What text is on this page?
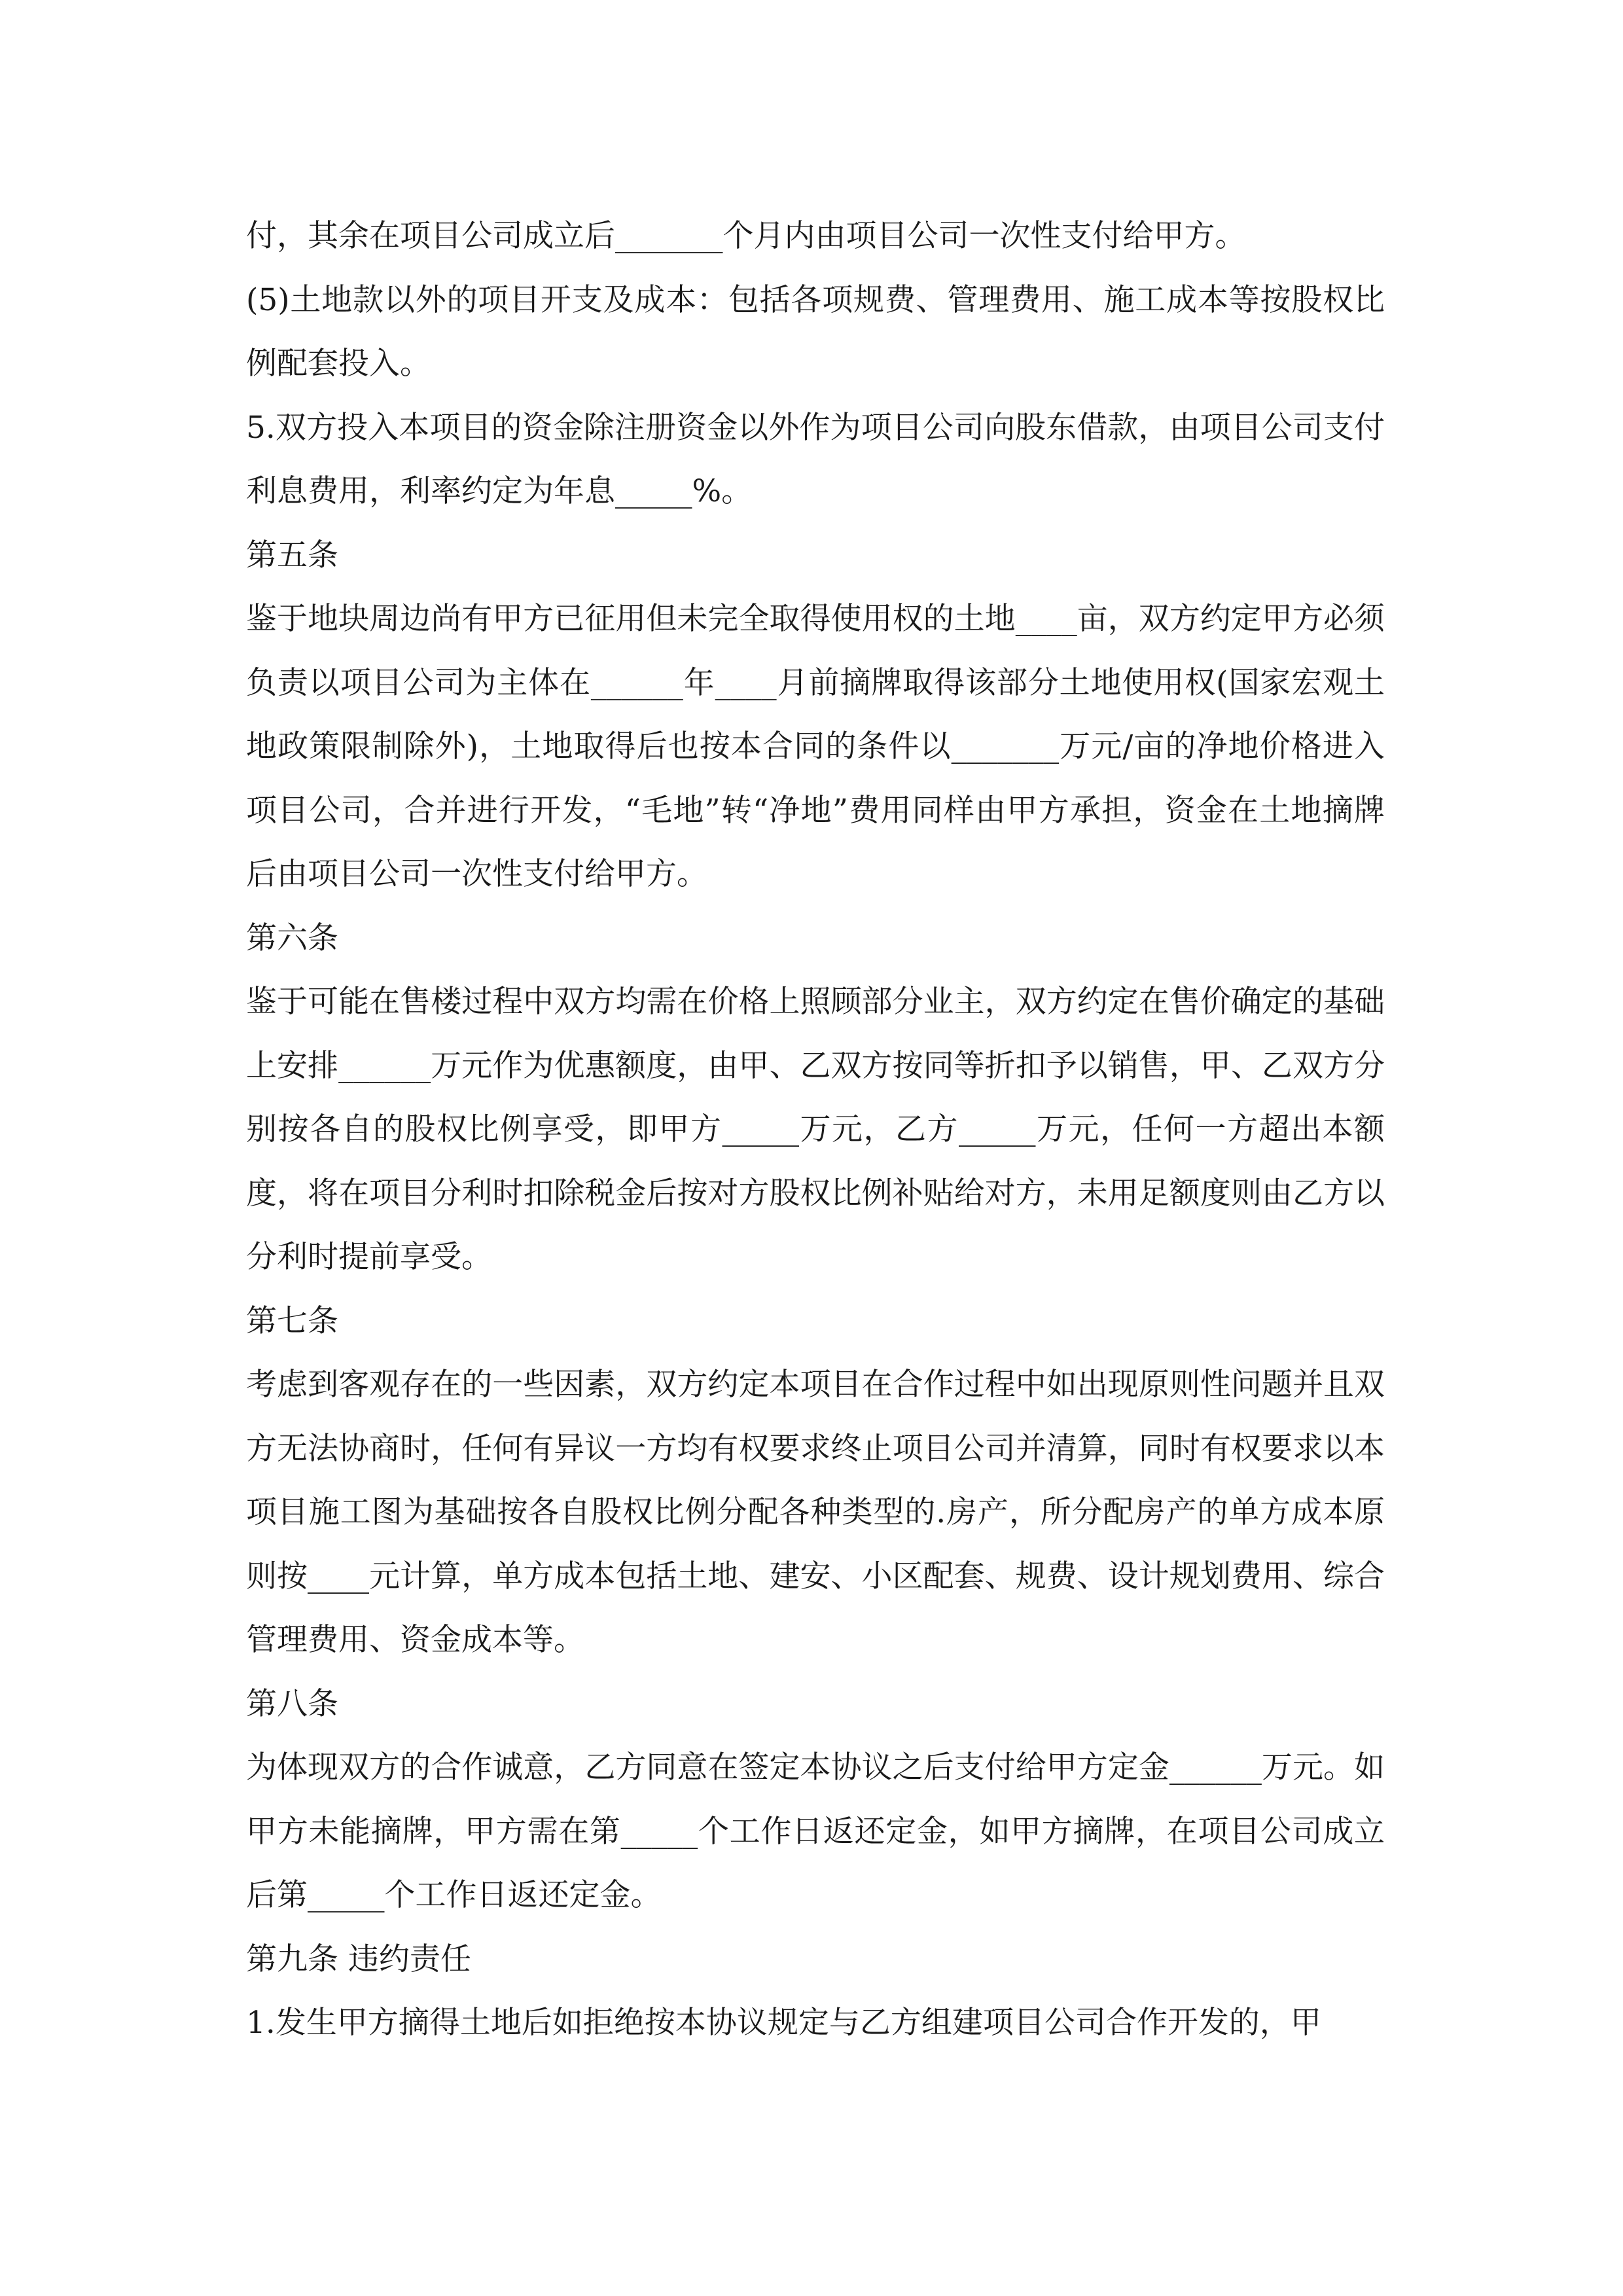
付，其余在项目公司成立后_______个月内由项目公司一次性支付给甲方。

(5)土地款以外的项目开支及成本：包括各项规费、管理费用、施工成本等按股权比例配套投入。

5.双方投入本项目的资金除注册资金以外作为项目公司向股东借款，由项目公司支付利息费用，利率约定为年息_____%。

第五条

鉴于地块周边尚有甲方已征用但未完全取得使用权的土地____亩，双方约定甲方必须负责以项目公司为主体在______年____月前摘牌取得该部分土地使用权(国家宏观土地政策限制除外)，土地取得后也按本合同的条件以_______万元/亩的净地价格进入项目公司，合并进行开发，“毛地”转“净地”费用同样由甲方承担，资金在土地摘牌后由项目公司一次性支付给甲方。

第六条

鉴于可能在售楼过程中双方均需在价格上照顾部分业主，双方约定在售价确定的基础上安排______万元作为优惠额度，由甲、乙双方按同等折扣予以销售，甲、乙双方分别按各自的股权比例享受，即甲方_____万元，乙方_____万元，任何一方超出本额度，将在项目分利时扣除税金后按对方股权比例补贴给对方，未用足额度则由乙方以分利时提前享受。

第七条

考虑到客观存在的一些因素，双方约定本项目在合作过程中如出现原则性问题并且双方无法协商时，任何有异议一方均有权要求终止项目公司并清算，同时有权要求以本项目施工图为基础按各自股权比例分配各种类型的.房产，所分配房产的单方成本原则按____元计算，单方成本包括土地、建安、小区配套、规费、设计规划费用、综合管理费用、资金成本等。

第八条

为体现双方的合作诚意，乙方同意在签定本协议之后支付给甲方定金______万元。如甲方未能摘牌，甲方需在第_____个工作日返还定金，如甲方摘牌，在项目公司成立后第_____个工作日返还定金。

第九条 违约责任

1.发生甲方摘得土地后如拒绝按本协议规定与乙方组建项目公司合作开发的，甲
